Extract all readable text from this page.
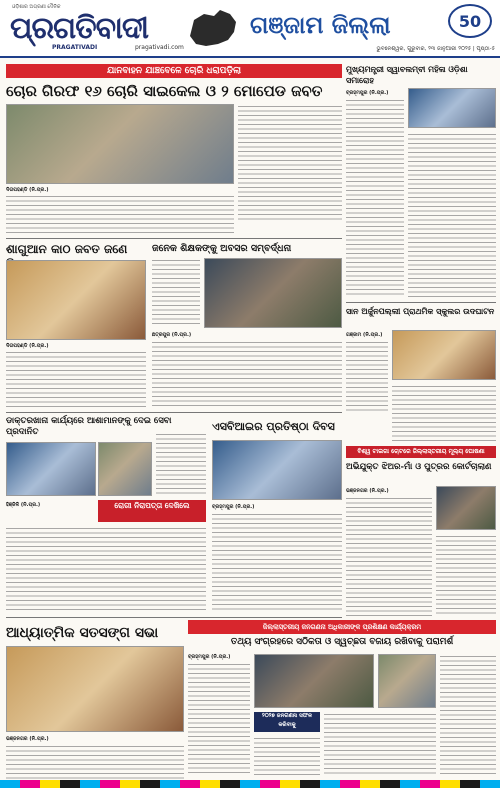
ଓଡ଼ିଶାର ଅଗ୍ରଣୀ ଦୈନିକ
ପ୍ରଗତିବାଦୀ
PRAGATIVADI	pragativadi.com
ଗଞ୍ଜାମ ଜିଲ୍ଲା	50
ଭୁବନେଶ୍ୱର, ଗୁରୁବାର, ୨୩ ଜାନୁଆରୀ ୨୦୨୫ | ପୃଷ୍ଠା-୫
ଯାନବାହନ ଯାଞ୍ଚବେଳେ ଚୋରି ଧରାପଡ଼ିଲା
ଚୋର ଗିରଫ ୧୬ ଚୋରି ସାଇକେଲ ଓ ୨ ମୋପେଡ ଜବତ
ଦିଗପହଣ୍ଡି (ନି.ପ୍ର.)
ଶାଗୁଆନ କାଠ ଜବତ ଜଣେ
ଦିଗପହଣ୍ଡି (ନି.ପ୍ର.)
ଜନେକ ଶିକ୍ଷକଙ୍କୁ ଅବସର ସମ୍ବର୍ଦ୍ଧନା
ଛତ୍ରପୁର (ନି.ପ୍ର.)
ଡାକ୍ତରଖାନା କାର୍ଯ୍ୟରେ ଆଶାମାନଙ୍କୁ ଦେଇ ସେବା ପ୍ରଦାନିତ
ରୋଗୀ ନିରାପତ୍ତା ଦେଖିଲେ
ହିଞ୍ଜିଳି (ନି.ପ୍ର.)
ଏସବିଆଇର ପ୍ରତିଷ୍ଠା ଦିବସ
ବ୍ରହ୍ମପୁର (ନି.ପ୍ର.)
ଆଧ୍ୟାତ୍ମିକ ସତସଙ୍ଗ ସଭା
ଭଞ୍ଜନଗର (ନି.ପ୍ର.)
ଜିଲ୍ଲାସ୍ତରୀୟ ଜନଗଣନା ଅଧିକାରୀଙ୍କ ପ୍ରଶିକ୍ଷଣ କାର୍ଯ୍ୟକ୍ରମ
ତଥ୍ୟ ସଂଗ୍ରହରେ ସଠିକତା ଓ ସ୍ୱଚ୍ଛତା ବଜାୟ ରଖିବାକୁ ପରାମର୍ଶ
ବ୍ରହ୍ମପୁର (ନି.ପ୍ର.)
୨୦୨୭ ଜନଗଣନା ସଫଳ କରିବାକୁ
ମୁଖ୍ୟମନ୍ତ୍ରୀ ସ୍ୱାବଲମ୍ବୀ ମହିଳା ଓଡ଼ିଶା ସମାରୋହ
ବ୍ରହ୍ମପୁର (ନି.ପ୍ର.)
ସାନ ଅର୍ଜୁନପଲ୍ଲୀ ପ୍ରାଥମିକ ସ୍କୁଲର ଉଦଘାଟନ
ଗଞ୍ଜାମ (ନି.ପ୍ର.)
ବିଶ୍ୱ ଟାଇଗା ଚୋଟରେ ଜିଲ୍ଲାସ୍ତରୀୟ ମୂଲ୍ୟ ଘୋଷଣା
ଅଭିଯୁକ୍ତ ଝିଅର-ମାଁ ଓ ପୁତ୍ରର କୋର୍ଟଚାଲାଣ
ଭଞ୍ଜନଗର (ନି.ପ୍ର.)
